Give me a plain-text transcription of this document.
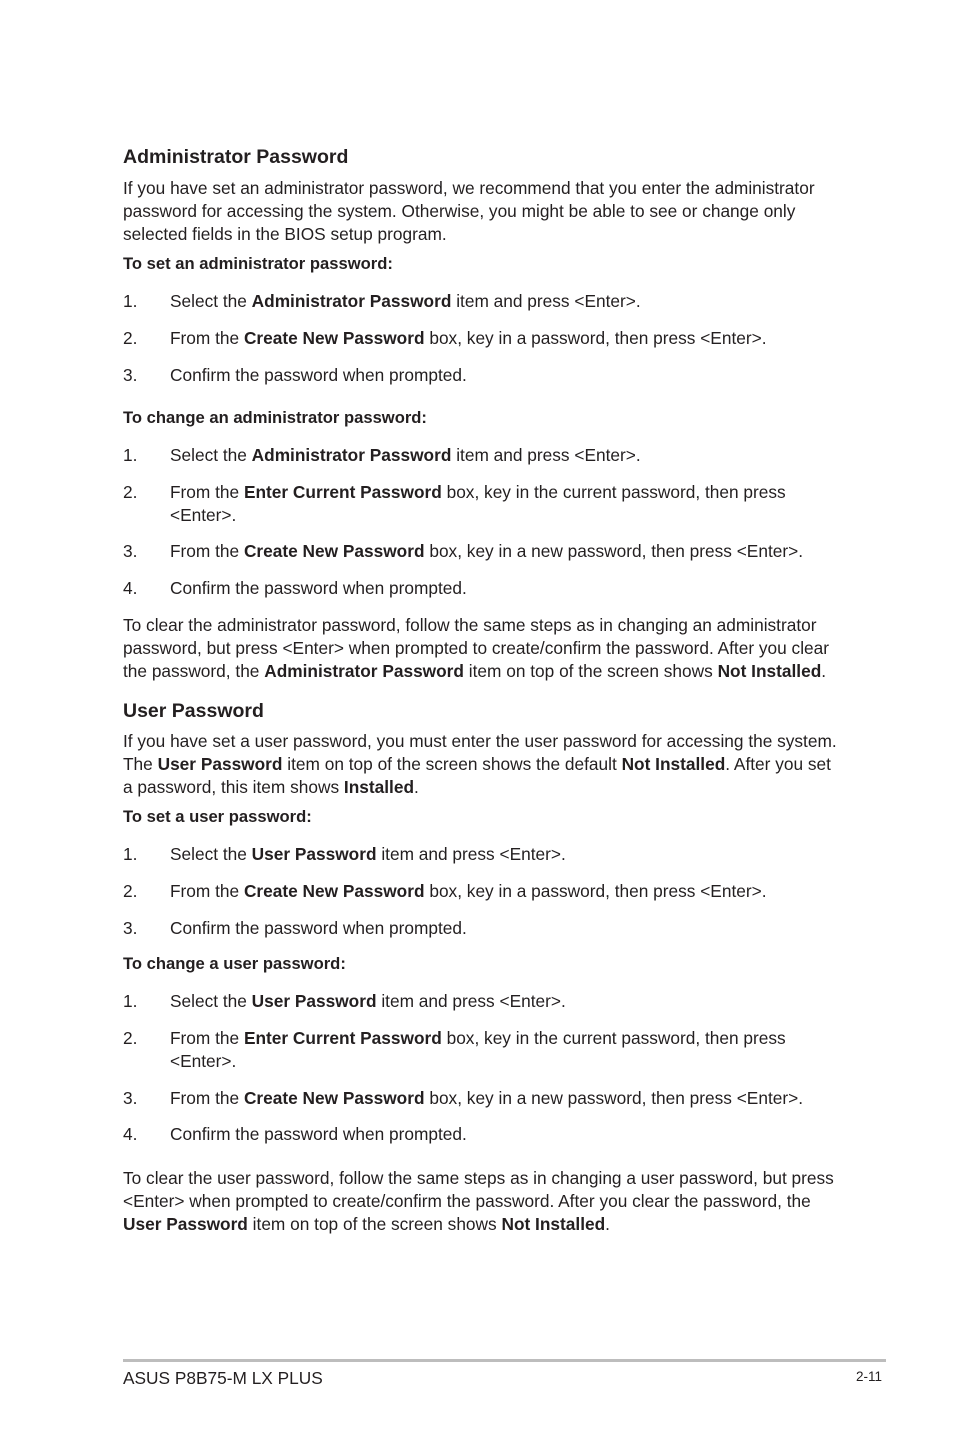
Administrator Password
If you have set an administrator password, we recommend that you enter the administrator password for accessing the system. Otherwise, you might be able to see or change only selected fields in the BIOS setup program.
To set an administrator password:
1. Select the Administrator Password item and press <Enter>.
2. From the Create New Password box, key in a password, then press <Enter>.
3. Confirm the password when prompted.
To change an administrator password:
1. Select the Administrator Password item and press <Enter>.
2. From the Enter Current Password box, key in the current password, then press <Enter>.
3. From the Create New Password box, key in a new password, then press <Enter>.
4. Confirm the password when prompted.
To clear the administrator password, follow the same steps as in changing an administrator password, but press <Enter> when prompted to create/confirm the password. After you clear the password, the Administrator Password item on top of the screen shows Not Installed.
User Password
If you have set a user password, you must enter the user password for accessing the system. The User Password item on top of the screen shows the default Not Installed. After you set a password, this item shows Installed.
To set a user password:
1. Select the User Password item and press <Enter>.
2. From the Create New Password box, key in a password, then press <Enter>.
3. Confirm the password when prompted.
To change a user password:
1. Select the User Password item and press <Enter>.
2. From the Enter Current Password box, key in the current password, then press <Enter>.
3. From the Create New Password box, key in a new password, then press <Enter>.
4. Confirm the password when prompted.
To clear the user password, follow the same steps as in changing a user password, but press <Enter> when prompted to create/confirm the password. After you clear the password, the User Password item on top of the screen shows Not Installed.
ASUS P8B75-M LX PLUS	2-11
